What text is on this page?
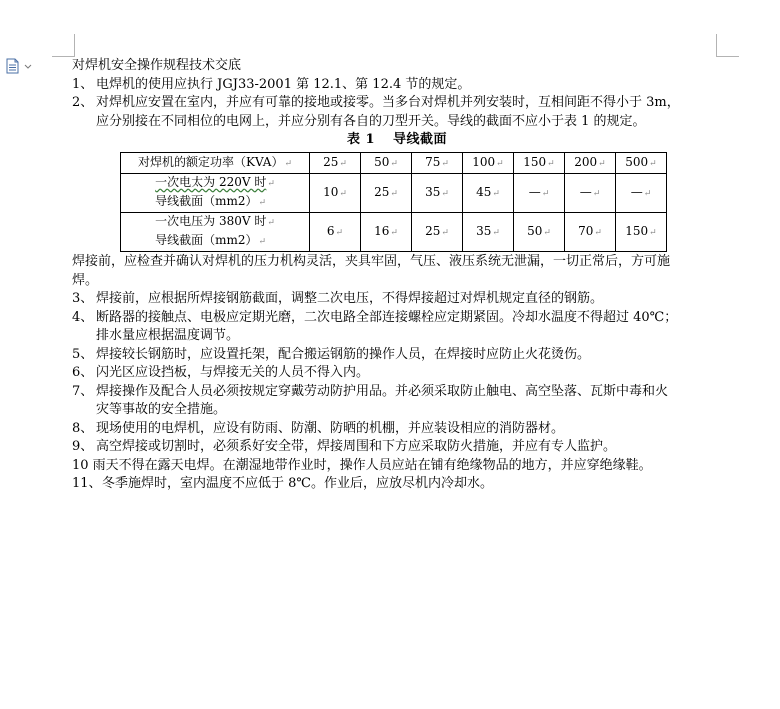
对焊机安全操作规程技术交底

1、 电焊机的使用应执行 JGJ33-2001 第 12.1、第 12.4 节的规定。
2、 对焊机应安置在室内，并应有可靠的接地或接零。当多台对焊机并列安装时，互相间距不得小于 3m，
应分别接在不同相位的电网上，并应分别有各自的刀型开关。导线的截面不应小于表 1 的规定。

表 1 导线截面

对焊机的额定功率（KVA）↵	25↵	50↵	75↵	100↵	150↵	200↵	500↵
一次电太为 220V 时↵
导线截面（mm2）↵	10↵	25↵	35↵	45↵	—↵	—↵	—↵
一次电压为 380V 时↵
导线截面（mm2）↵	6↵	16↵	25↵	35↵	50↵	70↵	150↵

焊接前，应检查并确认对焊机的压力机构灵活，夹具牢固，气压、液压系统无泄漏，一切正常后，方可施

焊。

3、 焊接前，应根据所焊接钢筋截面，调整二次电压，不得焊接超过对焊机规定直径的钢筋。
4、 断路器的接触点、电极应定期光磨，二次电路全部连接螺栓应定期紧固。冷却水温度不得超过 40℃；
排水量应根据温度调节。
5、 焊接较长钢筋时，应设置托架，配合搬运钢筋的操作人员，在焊接时应防止火花烫伤。
6、 闪光区应设挡板，与焊接无关的人员不得入内。
7、 焊接操作及配合人员必须按规定穿戴劳动防护用品。并必须采取防止触电、高空坠落、瓦斯中毒和火
灾等事故的安全措施。
8、 现场使用的电焊机，应设有防雨、防潮、防晒的机棚，并应装设相应的消防器材。
9、 高空焊接或切割时，必须系好安全带，焊接周围和下方应采取防火措施，并应有专人监护。

10 雨天不得在露天电焊。在潮湿地带作业时，操作人员应站在铺有绝缘物品的地方，并应穿绝缘鞋。

11、 冬季施焊时，室内温度不应低于 8℃。作业后，应放尽机内冷却水。
